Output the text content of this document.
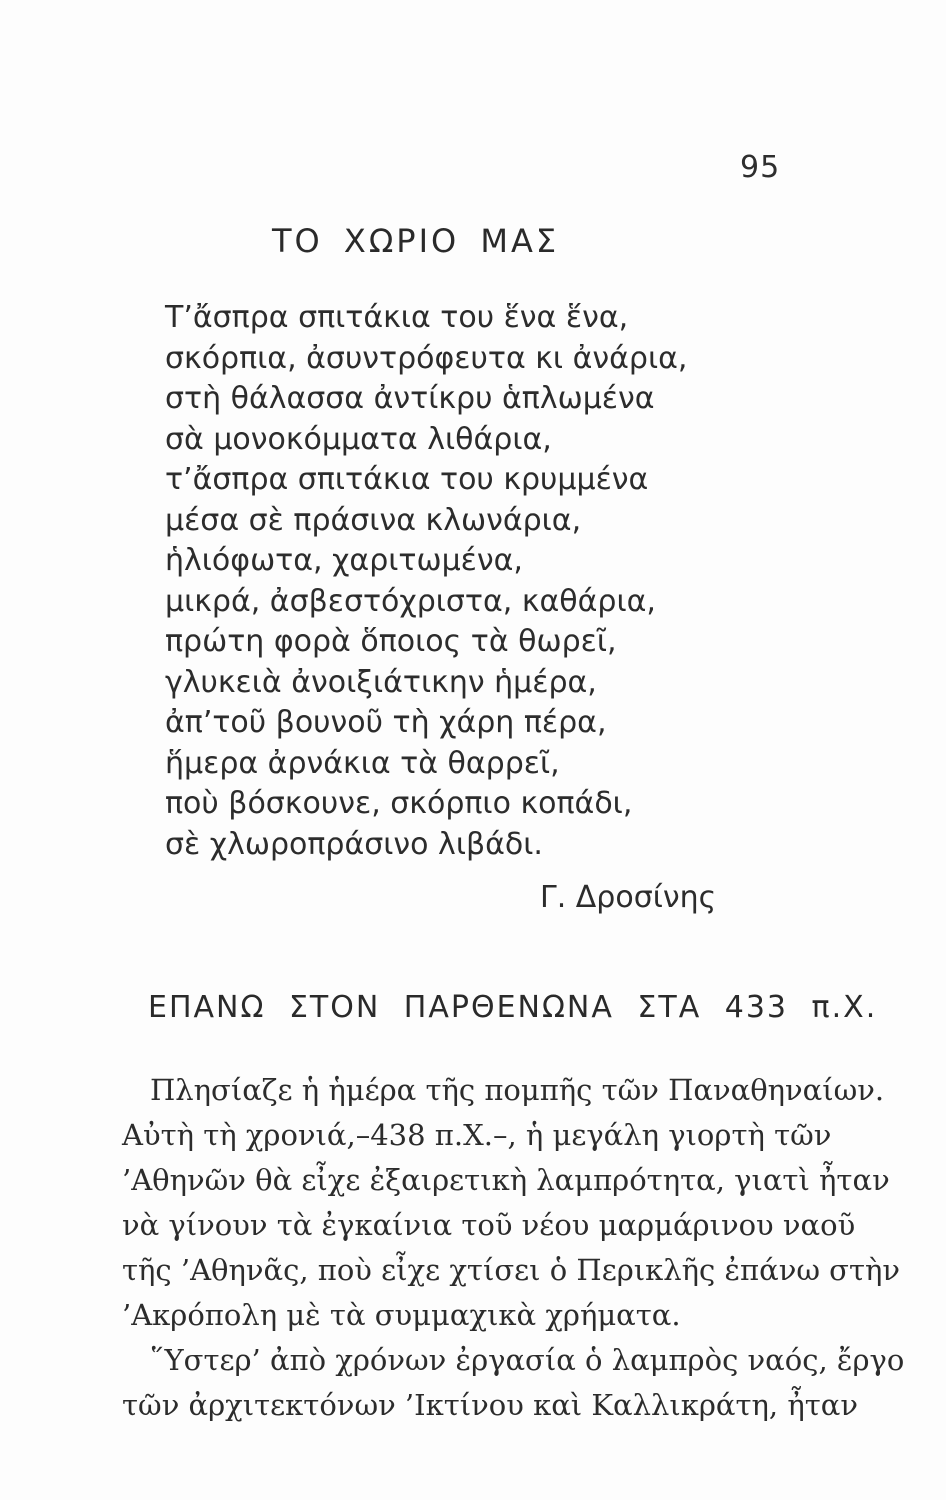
95
ΤΟ ΧΩΡΙΟ ΜΑΣ
Τ’ἄσπρα σπιτάκια του ἕνα ἕνα,
σκόρπια, ἀσυντρόφευτα κι ἀνάρια,
στὴ θάλασσα ἀντίκρυ ἁπλωμένα
σὰ μονοκόμματα λιθάρια,
τ’ἄσπρα σπιτάκια του κρυμμένα
μέσα σὲ πράσινα κλωνάρια,
ἡλιόφωτα, χαριτωμένα,
μικρά, ἀσβεστόχριστα, καθάρια,
πρώτη φορὰ ὅποιος τὰ θωρεῖ,
γλυκειὰ ἀνοιξιάτικην ἡμέρα,
ἀπ’τοῦ βουνοῦ τὴ χάρη πέρα,
ἥμερα ἀρνάκια τὰ θαρρεῖ,
ποὺ βόσκουνε, σκόρπιο κοπάδι,
σὲ χλωροπράσινο λιβάδι.
Γ. Δροσίνης
ΕΠΑΝΩ ΣΤΟΝ ΠΑΡΘΕΝΩΝΑ ΣΤΑ 433 π.Χ.
Πλησίαζε ἡ ἡμέρα τῆς πομπῆς τῶν Παναθηναίων.
Αὐτὴ τὴ χρονιά,–438 π.Χ.–, ἡ μεγάλη γιορτὴ τῶν
’Αθηνῶν θὰ εἶχε ἐξαιρετικὴ λαμπρότητα, γιατὶ ἦταν
νὰ γίνουν τὰ ἐγκαίνια τοῦ νέου μαρμάρινου ναοῦ
τῆς ’Αθηνᾶς, ποὺ εἶχε χτίσει ὁ Περικλῆς ἐπάνω στὴν
’Ακρόπολη μὲ τὰ συμμαχικὰ χρήματα.
῞Υστερ’ ἀπὸ χρόνων ἐργασία ὁ λαμπρὸς ναός, ἔργο
τῶν ἀρχιτεκτόνων ’Ικτίνου καὶ Καλλικράτη, ἦταν
